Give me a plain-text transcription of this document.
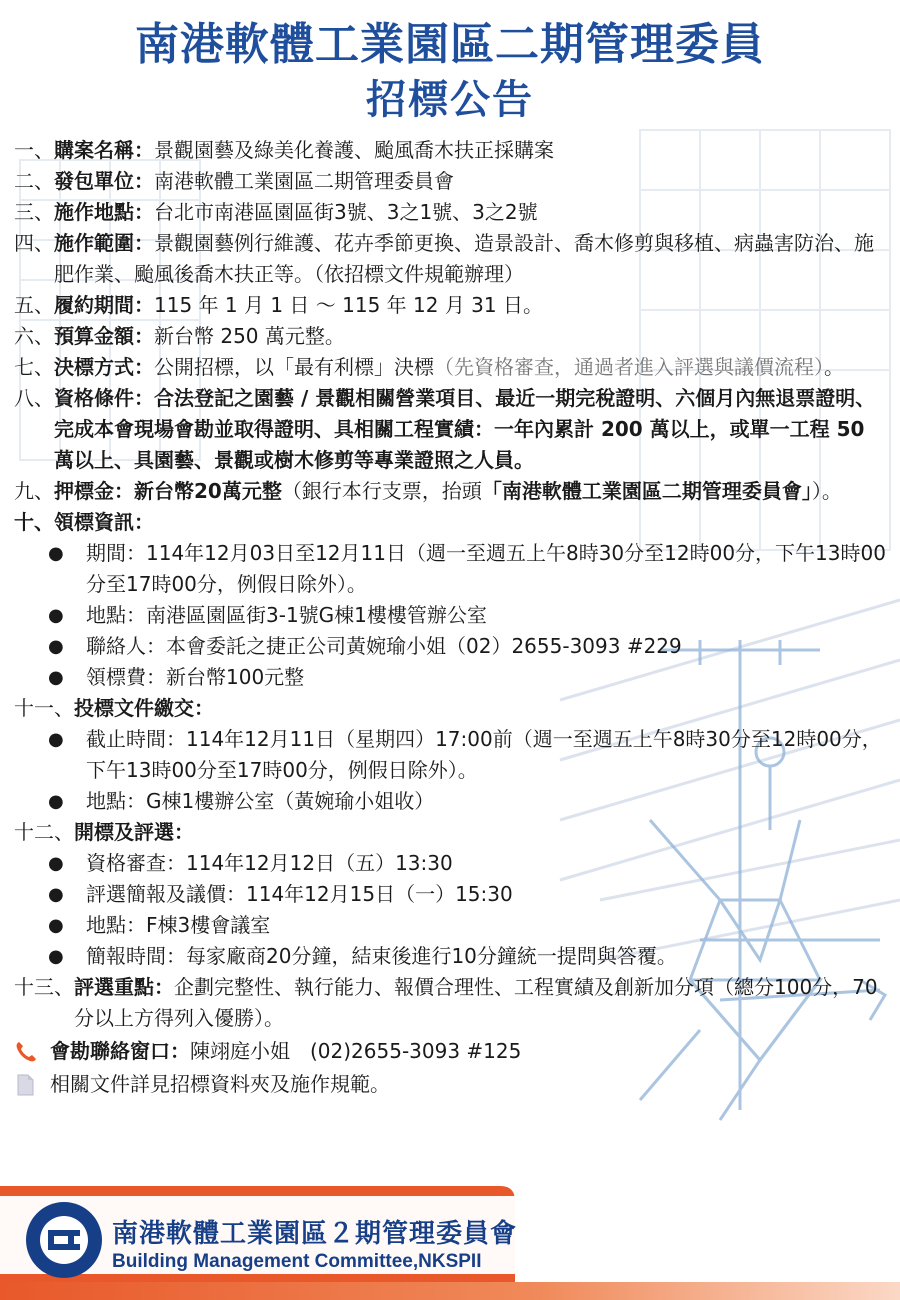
南港軟體工業園區二期管理委員
招標公告
一、 購案名稱： 景觀園藝及綠美化養護、颱風喬木扶正採購案
二、 發包單位： 南港軟體工業園區二期管理委員會
三、 施作地點： 台北市南港區園區街3號、3之1號、3之2號
四、 施作範圍：景觀園藝例行維護、花卉季節更換、造景設計、喬木修剪與移植、病蟲害防治、施肥作業、颱風後喬木扶正等。（依招標文件規範辦理）
五、 履約期間： 115 年 1 月 1 日 ～ 115 年 12 月 31 日。
六、 預算金額： 新台幣 250 萬元整。
七、 決標方式：公開招標，以「最有利標」決標（先資格審查，通過者進入評選與議價流程）。
八、 資格條件：合法登記之園藝 / 景觀相關營業項目、最近一期完稅證明、六個月內無退票證明、完成本會現場會勘並取得證明、具相關工程實績：一年內累計 200 萬以上，或單一工程 50 萬以上、具園藝、景觀或樹木修剪等專業證照之人員。
九、 押標金：新台幣20萬元整（銀行本行支票，抬頭「南港軟體工業園區二期管理委員會」）。
十、 領標資訊：
●	期間：114年12月03日至12月11日（週一至週五上午8時30分至12時00分，下午13時00分至17時00分，例假日除外）。
●	地點：南港區園區街3-1號G棟1樓樓管辦公室
●	聯絡人：本會委託之捷正公司黃婉瑜小姐（02）2655-3093 #229
●	領標費：新台幣100元整
十一、 投標文件繳交：
●	截止時間：114年12月11日（星期四）17:00前（週一至週五上午8時30分至12時00分，下午13時00分至17時00分，例假日除外）。
●	地點：G棟1樓辦公室（黃婉瑜小姐收）
十二、 開標及評選：
●	資格審查：114年12月12日（五）13:30
●	評選簡報及議價：114年12月15日（一）15:30
●	地點：F棟3樓會議室
●	簡報時間：每家廠商20分鐘，結束後進行10分鐘統一提問與答覆。
十三、 評選重點：企劃完整性、執行能力、報價合理性、工程實績及創新加分項（總分100分，70分以上方得列入優勝）。
會勘聯絡窗口： 陳翊庭小姐　(02)2655-3093 #125
相關文件詳見招標資料夾及施作規範。
南港軟體工業園區２期管理委員會
Building Management Committee,NKSPII
